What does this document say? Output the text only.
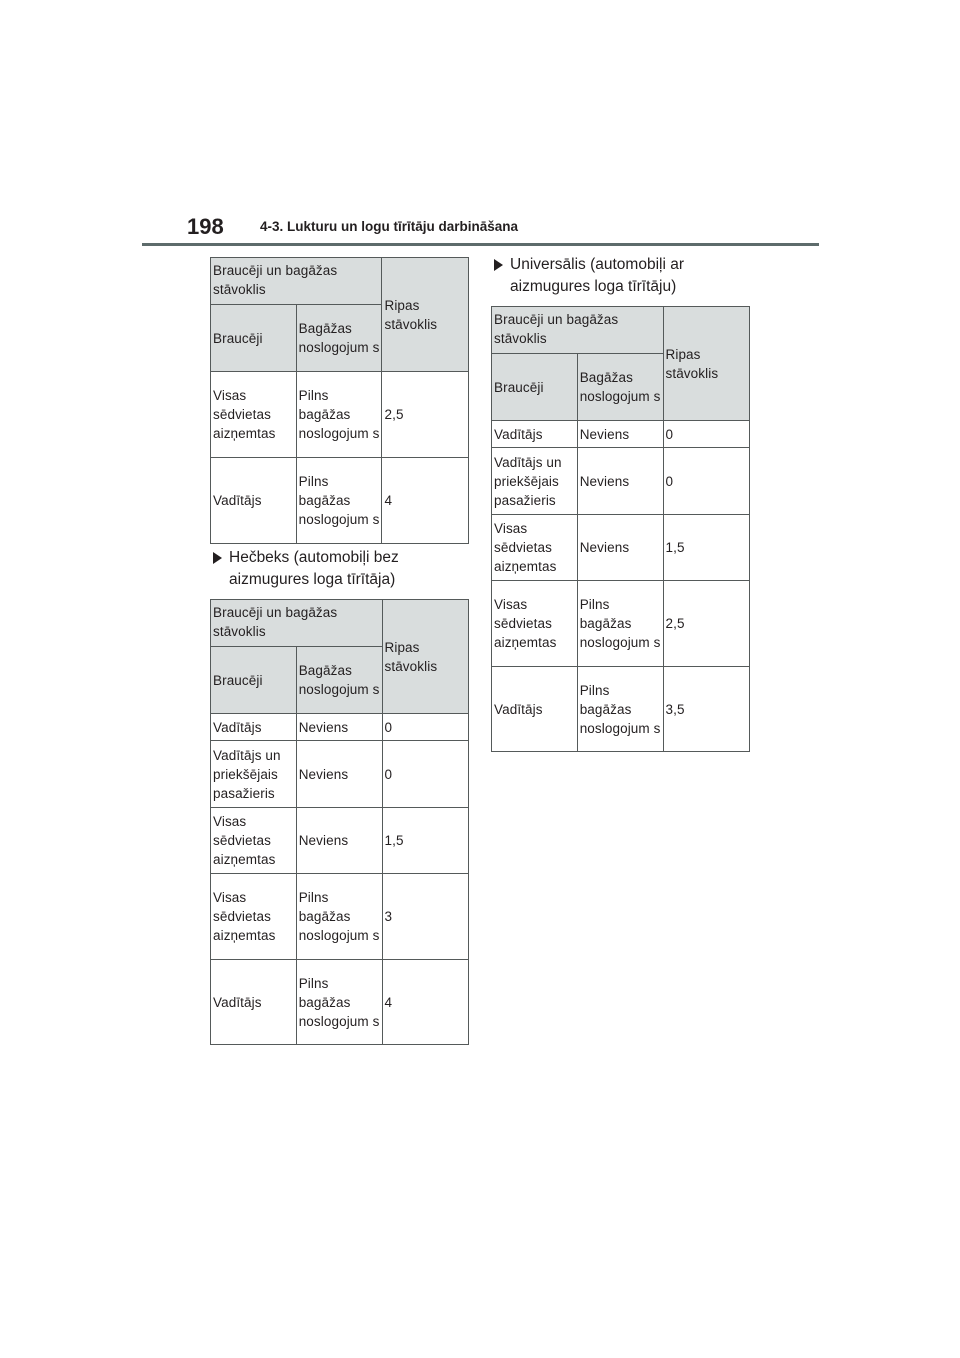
198	4-3. Lukturu un logu tīrītāju darbināšana
Braucēji un bagāžas stāvoklis		Ripas stāvoklis
Braucēji	Bagāžas noslogojum s	
Visas sēdvietas aizņemtas	Pilns bagāžas noslogojum s	2,5
Vadītājs	Pilns bagāžas noslogojum s	4
Hečbeks (automobiļi bez aizmugures loga tīrītāja)
Braucēji un bagāžas stāvoklis		Ripas stāvoklis
Braucēji	Bagāžas noslogojum s	
Vadītājs	Neviens	0
Vadītājs un priekšējais pasažieris	Neviens	0
Visas sēdvietas aizņemtas	Neviens	1,5
Visas sēdvietas aizņemtas	Pilns bagāžas noslogojum s	3
Vadītājs	Pilns bagāžas noslogojum s	4
Universālis (automobiļi ar aizmugures loga tīrītāju)
Braucēji un bagāžas stāvoklis		Ripas stāvoklis
Braucēji	Bagāžas noslogojum s	
Vadītājs	Neviens	0
Vadītājs un priekšējais pasažieris	Neviens	0
Visas sēdvietas aizņemtas	Neviens	1,5
Visas sēdvietas aizņemtas	Pilns bagāžas noslogojum s	2,5
Vadītājs	Pilns bagāžas noslogojum s	3,5
